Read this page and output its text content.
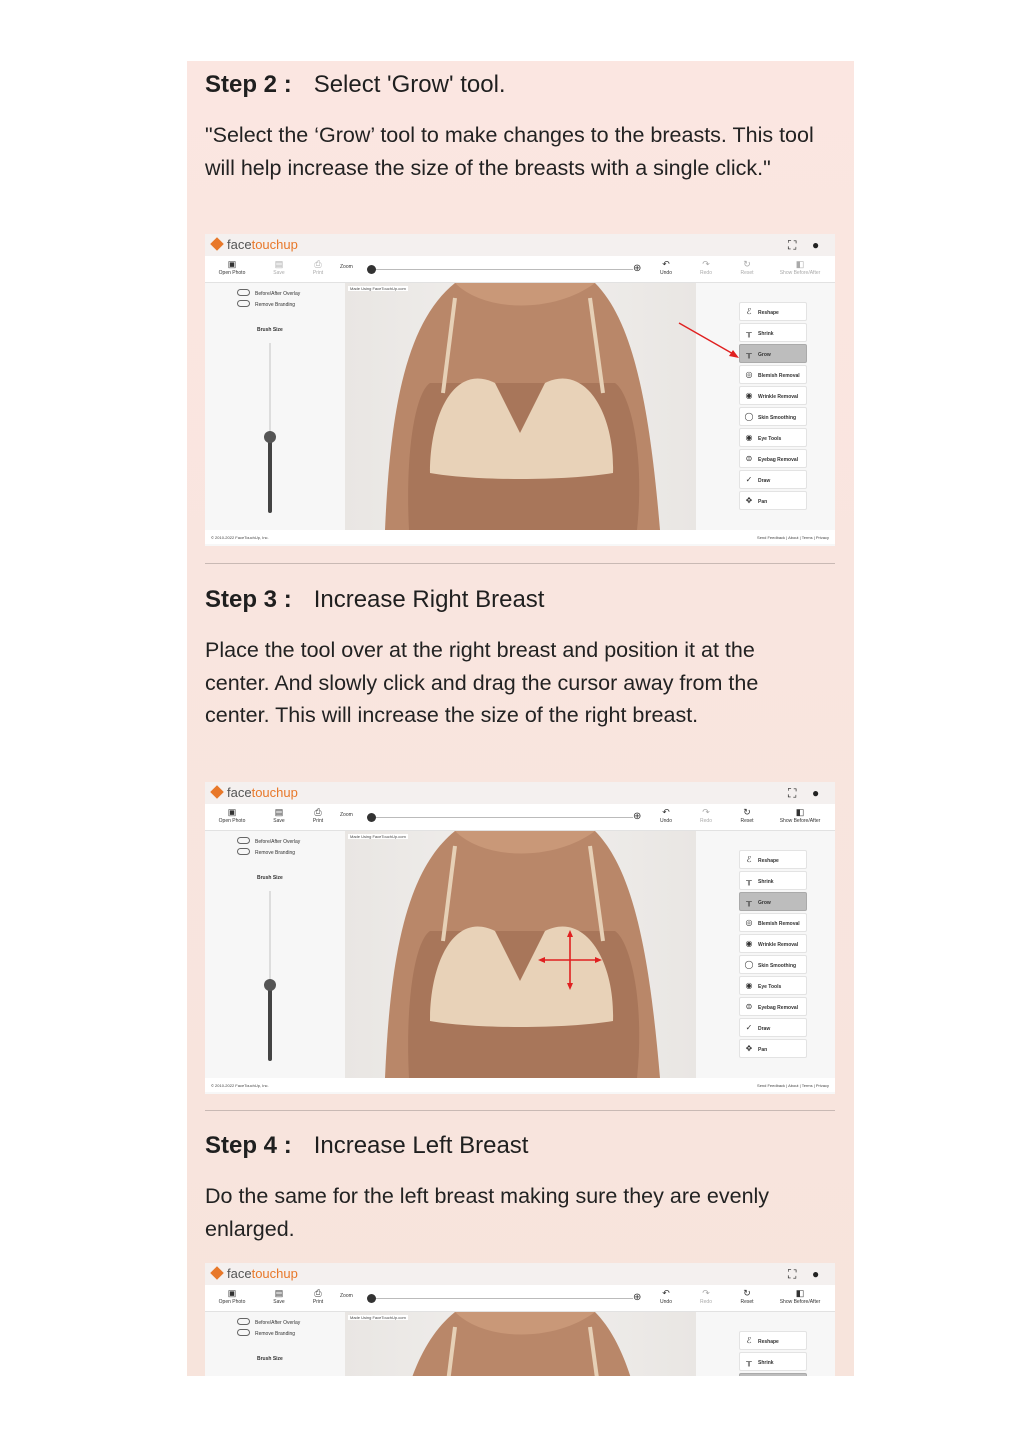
Step 2 : Select 'Grow' tool.
"Select the ‘Grow’ tool to make changes to the breasts. This tool will help increase the size of the breasts with a single click."
facetouchup	⛶ ●
▣
Open Photo
▤
Save
⎙
Print
Zoom	⊕	↶
Undo
↷
Redo
↻
Reset
◧
Show Before/After
Before/After Overlay
Remove Branding
Brush Size
Made Using FaceTouchUp.com
ℰ Reshape
╥ Shrink
╥ Grow
◎ Blemish Removal
◉ Wrinkle Removal
◯ Skin Smoothing
◉ Eye Tools
⊜ Eyebag Removal
✓ Draw
✥ Pan
© 2010-2022 FaceTouchUp, Inc.	Send Feedback | About | Terms | Privacy
Step 3 : Increase Right Breast
Place the tool over at the right breast and position it at the center. And slowly click and drag the cursor away from the center. This will increase the size of the right breast.
facetouchup	⛶ ●
▣
Open Photo
▤
Save
⎙
Print
Zoom	⊕	↶
Undo
↷
Redo
↻
Reset
◧
Show Before/After
Before/After Overlay
Remove Branding
Brush Size
Made Using FaceTouchUp.com
ℰ Reshape
╥ Shrink
╥ Grow
◎ Blemish Removal
◉ Wrinkle Removal
◯ Skin Smoothing
◉ Eye Tools
⊜ Eyebag Removal
✓ Draw
✥ Pan
© 2010-2022 FaceTouchUp, Inc.	Send Feedback | About | Terms | Privacy
Step 4 : Increase Left Breast
Do the same for the left breast making sure they are evenly enlarged.
facetouchup	⛶ ●
▣
Open Photo
▤
Save
⎙
Print
Zoom	⊕	↶
Undo
↷
Redo
↻
Reset
◧
Show Before/After
Before/After Overlay
Remove Branding
Brush Size
Made Using FaceTouchUp.com
ℰ Reshape
╥ Shrink
